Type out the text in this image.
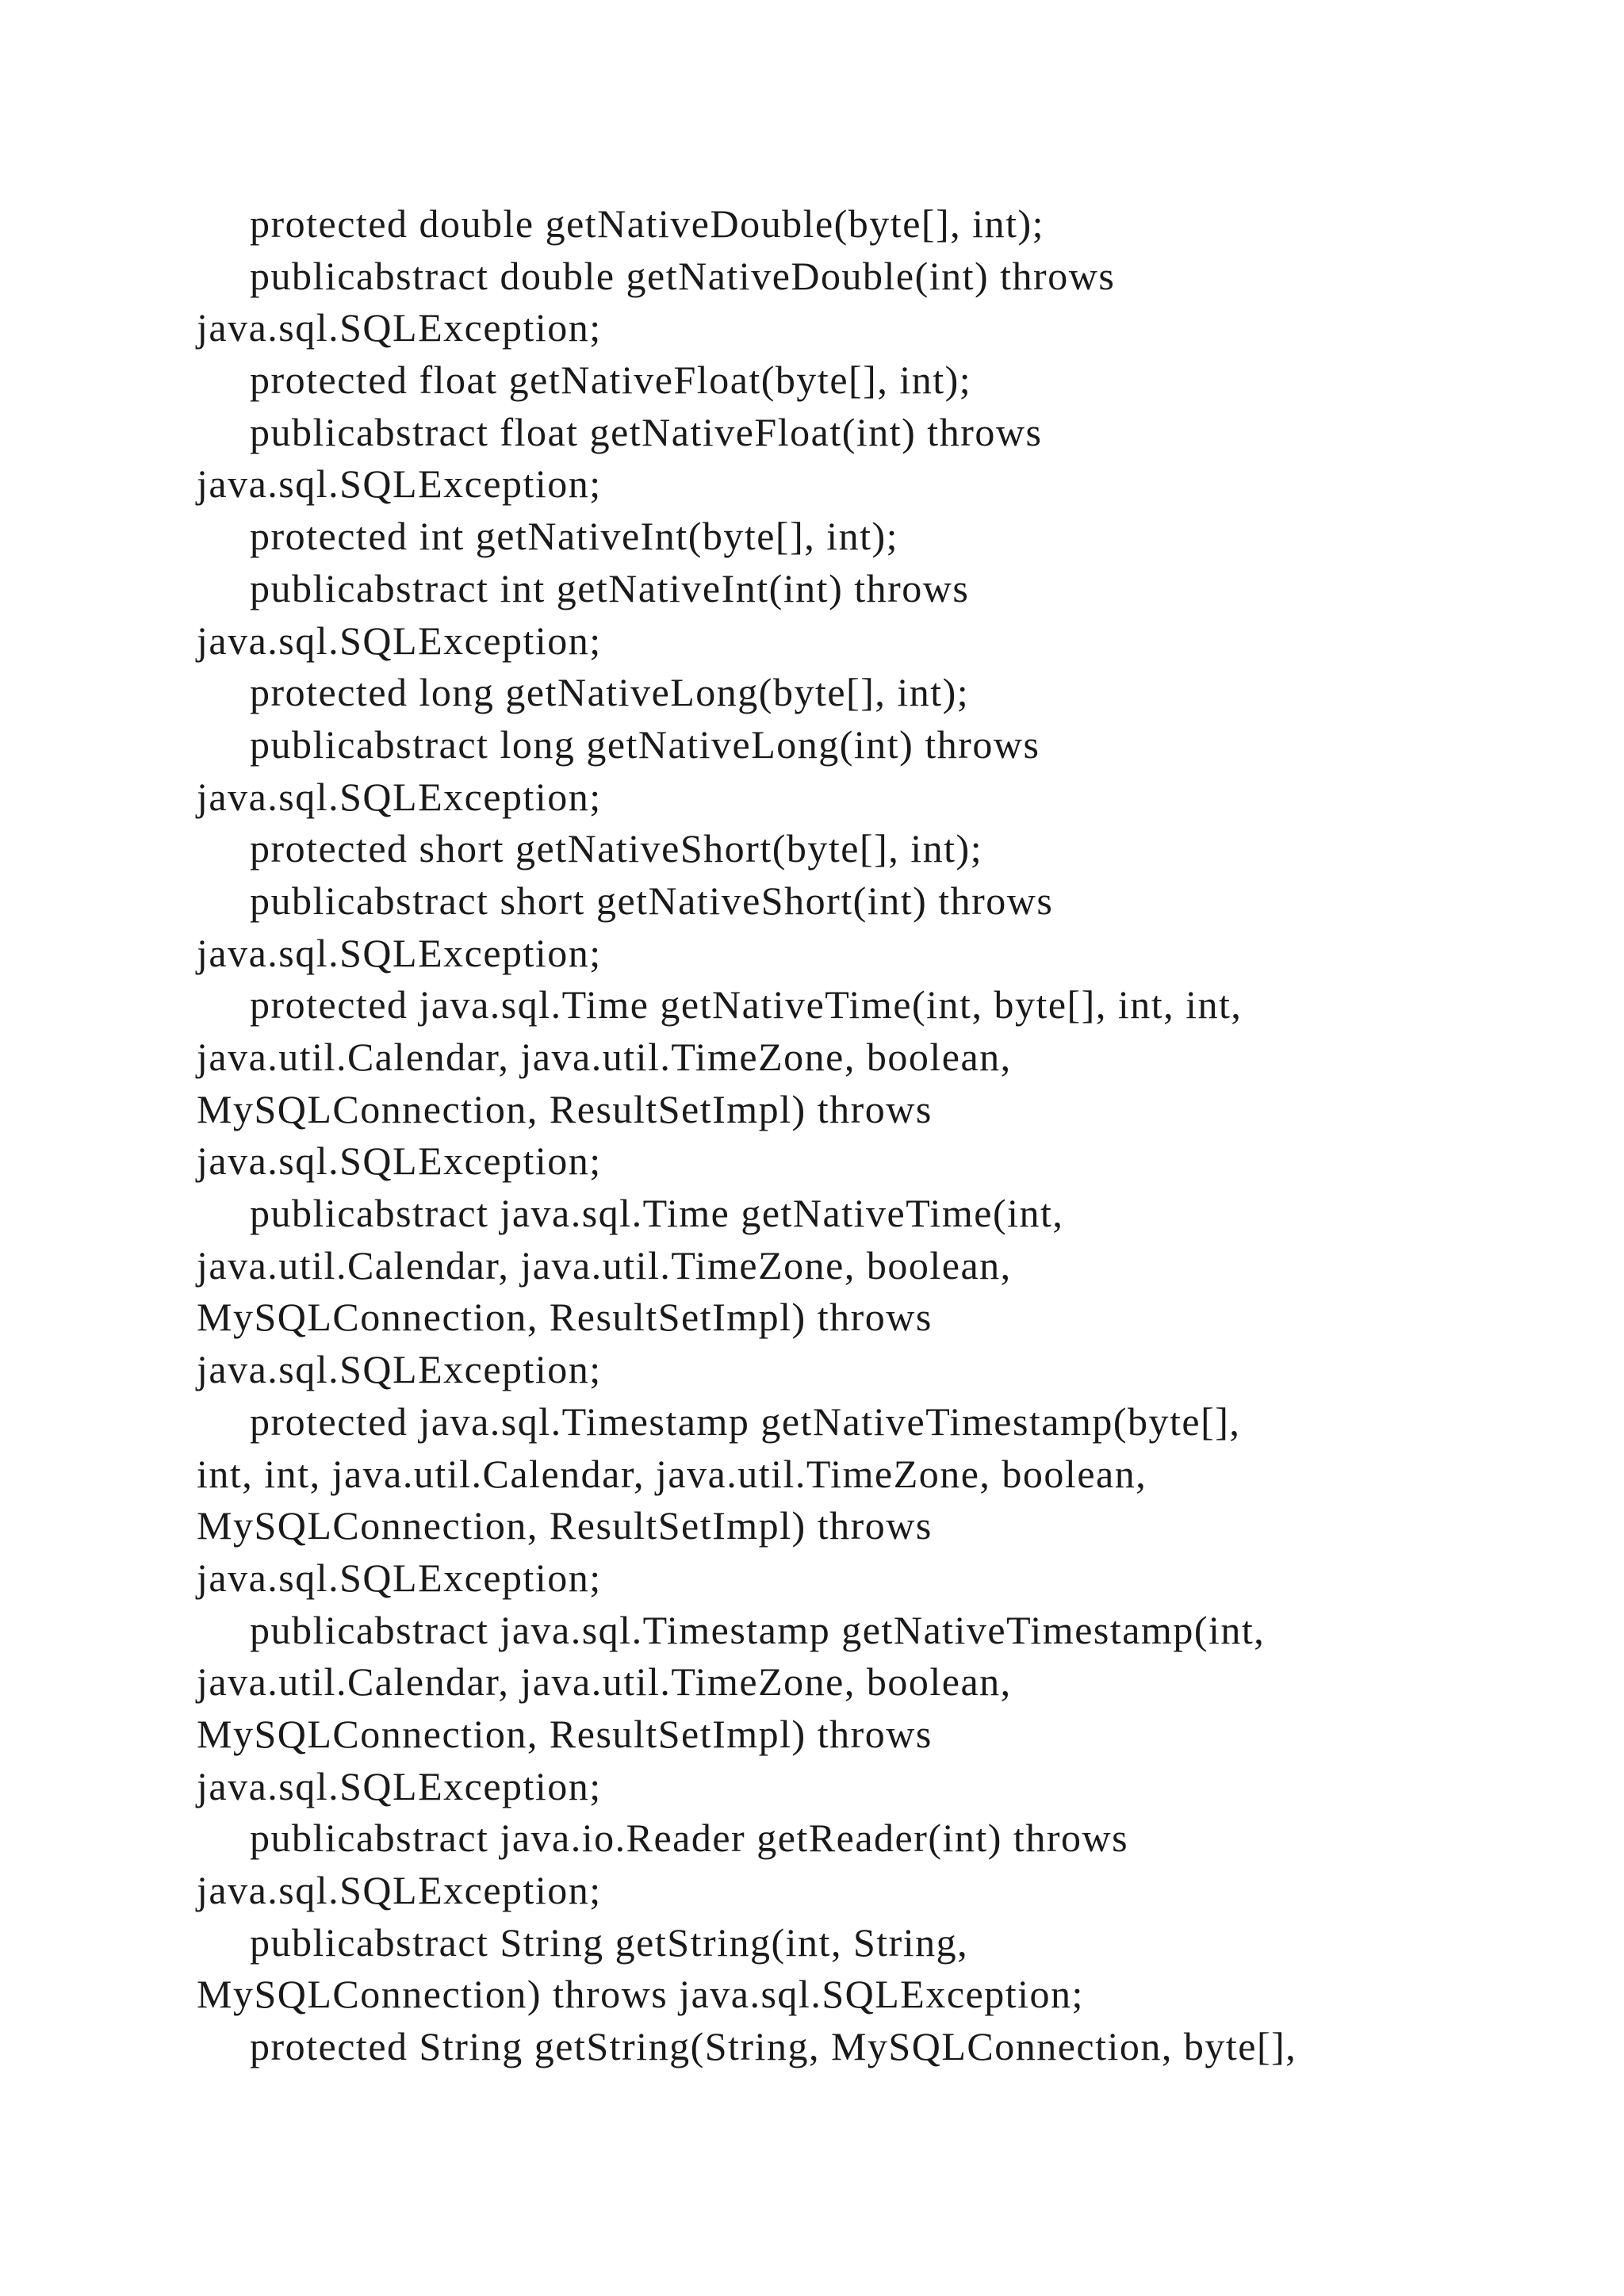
protected double getNativeDouble(byte[], int);
publicabstract double getNativeDouble(int) throws
java.sql.SQLException;
protected float getNativeFloat(byte[], int);
publicabstract float getNativeFloat(int) throws
java.sql.SQLException;
protected int getNativeInt(byte[], int);
publicabstract int getNativeInt(int) throws
java.sql.SQLException;
protected long getNativeLong(byte[], int);
publicabstract long getNativeLong(int) throws
java.sql.SQLException;
protected short getNativeShort(byte[], int);
publicabstract short getNativeShort(int) throws
java.sql.SQLException;
protected java.sql.Time getNativeTime(int, byte[], int, int,
java.util.Calendar, java.util.TimeZone, boolean,
MySQLConnection, ResultSetImpl) throws
java.sql.SQLException;
publicabstract java.sql.Time getNativeTime(int,
java.util.Calendar, java.util.TimeZone, boolean,
MySQLConnection, ResultSetImpl) throws
java.sql.SQLException;
protected java.sql.Timestamp getNativeTimestamp(byte[],
int, int, java.util.Calendar, java.util.TimeZone, boolean,
MySQLConnection, ResultSetImpl) throws
java.sql.SQLException;
publicabstract java.sql.Timestamp getNativeTimestamp(int,
java.util.Calendar, java.util.TimeZone, boolean,
MySQLConnection, ResultSetImpl) throws
java.sql.SQLException;
publicabstract java.io.Reader getReader(int) throws
java.sql.SQLException;
publicabstract String getString(int, String,
MySQLConnection) throws java.sql.SQLException;
protected String getString(String, MySQLConnection, byte[],
